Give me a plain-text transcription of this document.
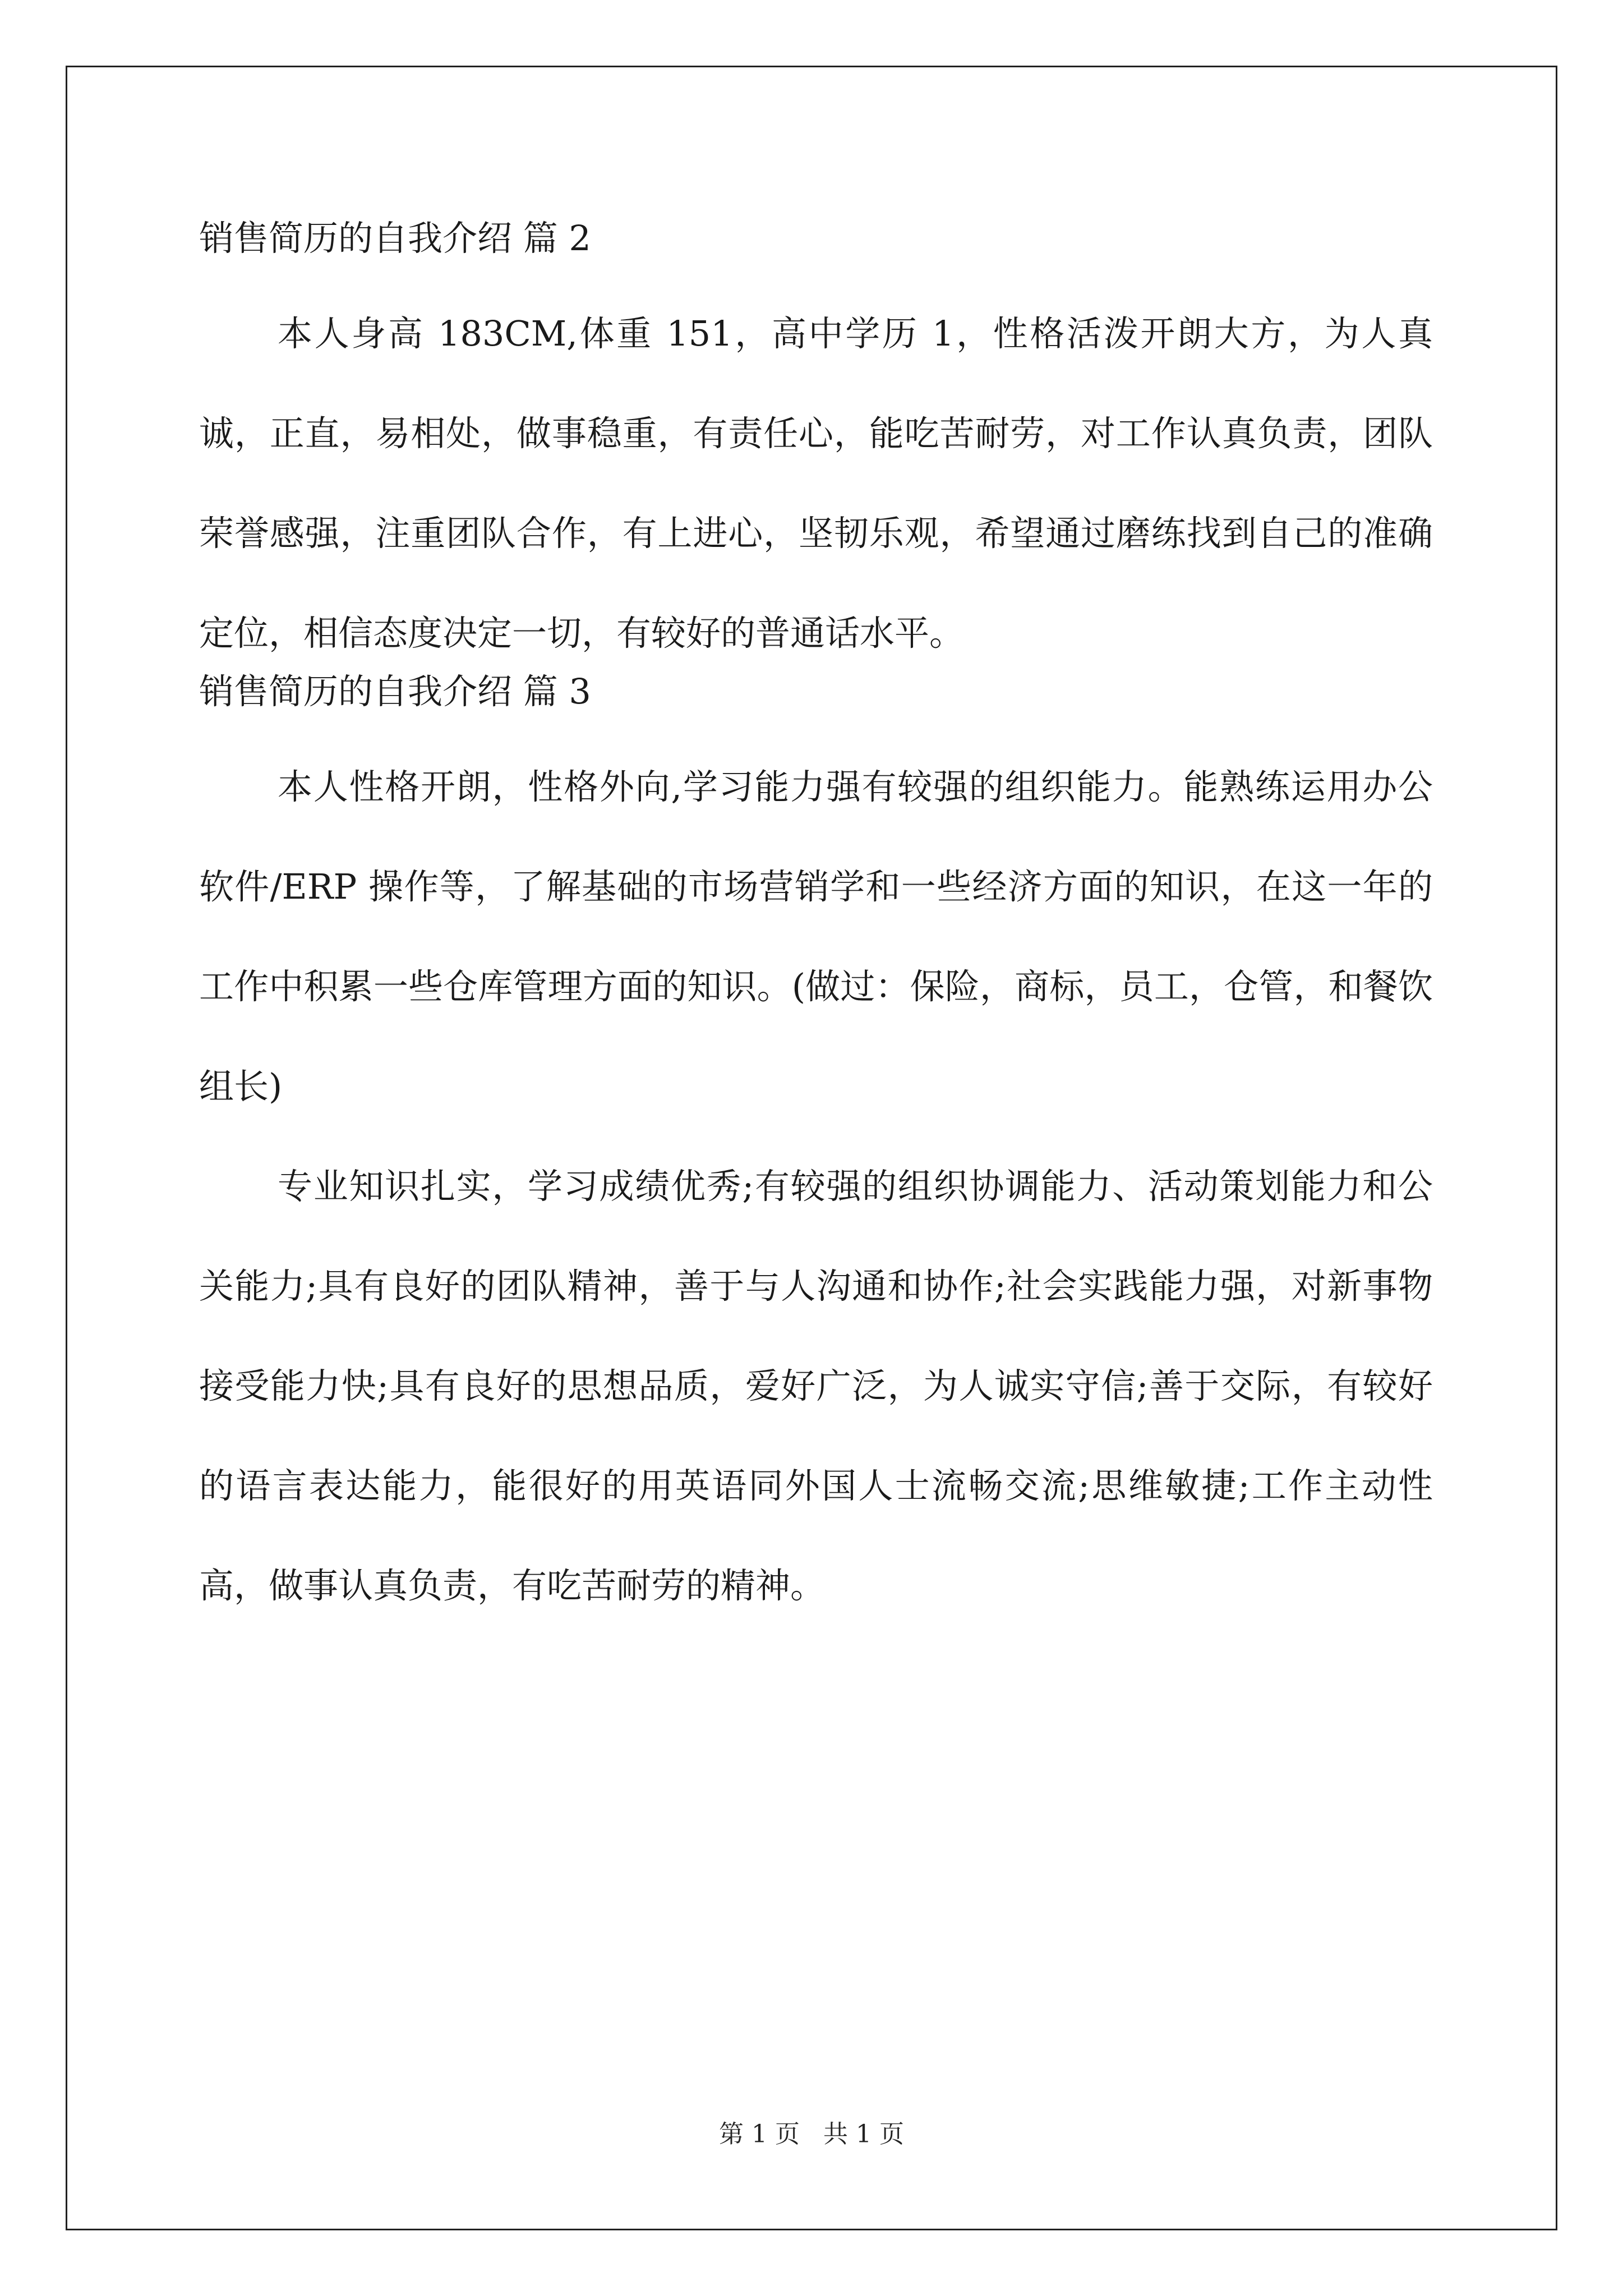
销售简历的自我介绍 篇 2

本人身高 183CM,体重 151，高中学历 1，性格活泼开朗大方，为人真诚，正直，易相处，做事稳重，有责任心，能吃苦耐劳，对工作认真负责，团队荣誉感强，注重团队合作，有上进心，坚韧乐观，希望通过磨练找到自己的准确定位，相信态度决定一切，有较好的普通话水平。

销售简历的自我介绍 篇 3

本人性格开朗，性格外向,学习能力强有较强的组织能力。能熟练运用办公软件/ERP 操作等，了解基础的市场营销学和一些经济方面的知识，在这一年的工作中积累一些仓库管理方面的知识。(做过：保险，商标，员工，仓管，和餐饮组长)

专业知识扎实，学习成绩优秀;有较强的组织协调能力、活动策划能力和公关能力;具有良好的团队精神，善于与人沟通和协作;社会实践能力强，对新事物接受能力快;具有良好的思想品质，爱好广泛，为人诚实守信;善于交际，有较好的语言表达能力，能很好的用英语同外国人士流畅交流;思维敏捷;工作主动性高，做事认真负责，有吃苦耐劳的精神。

第 1 页 共 1 页
